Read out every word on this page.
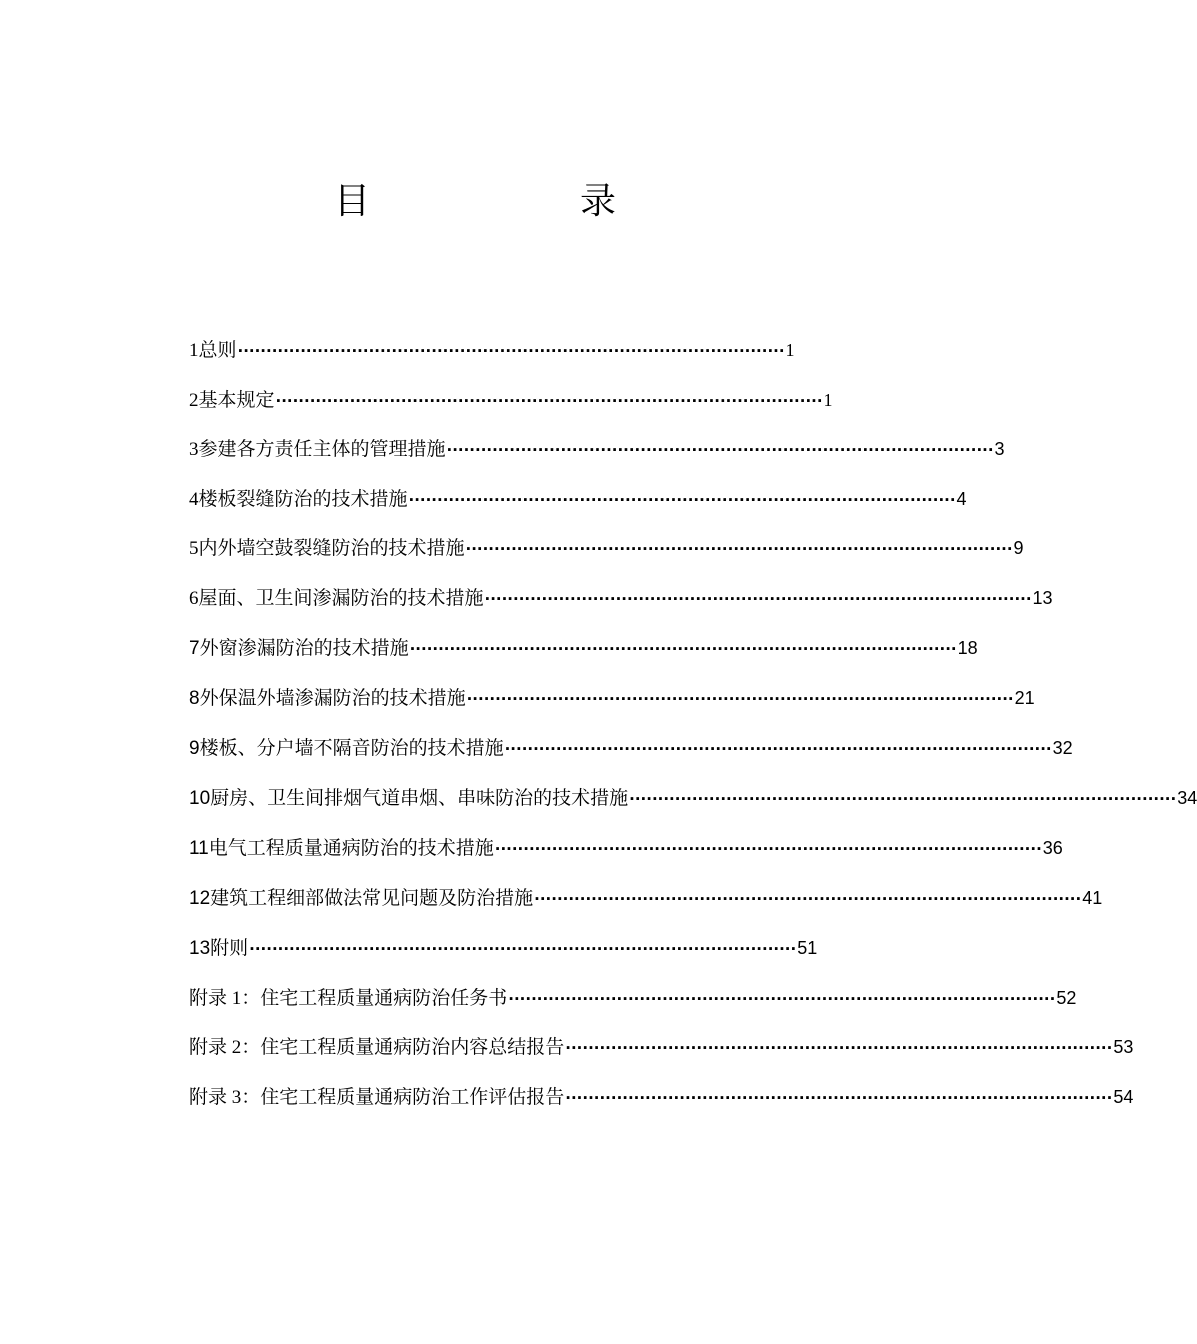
目	录
1 总则 ································································································ 1
2 基本规定 ································································································ 1
3 参建各方责任主体的管理措施 ································································································ 3
4 楼板裂缝防治的技术措施 ································································································ 4
5 内外墙空鼓裂缝防治的技术措施 ································································································ 9
6 屋面、卫生间渗漏防治的技术措施 ································································································ 13
7 外窗渗漏防治的技术措施 ································································································ 18
8 外保温外墙渗漏防治的技术措施 ································································································ 21
9 楼板、分户墙不隔音防治的技术措施 ································································································ 32
10 厨房、卫生间排烟气道串烟、串味防治的技术措施 ································································································ 34
11 电气工程质量通病防治的技术措施 ································································································ 36
12 建筑工程细部做法常见问题及防治措施 ································································································ 41
13 附则 ································································································ 51
附录 1： 住宅工程质量通病防治任务书 ································································································ 52
附录 2： 住宅工程质量通病防治内容总结报告 ································································································ 53
附录 3： 住宅工程质量通病防治工作评估报告 ································································································ 54
